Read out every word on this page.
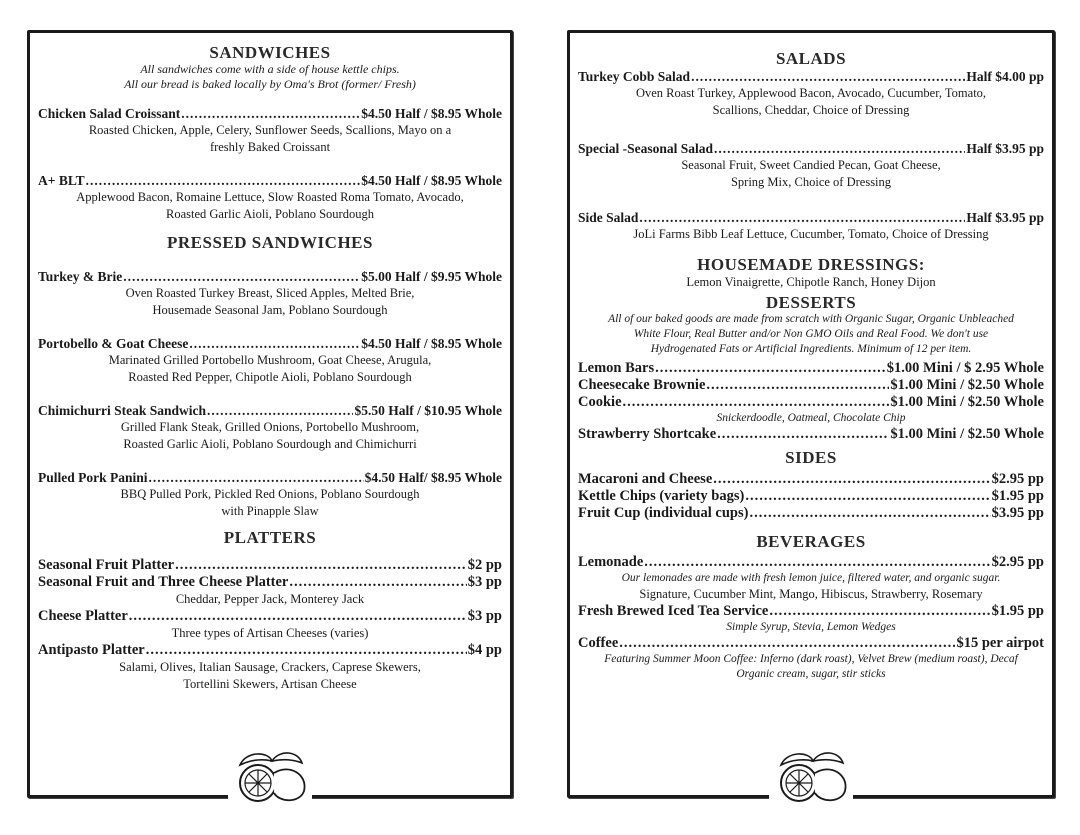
SANDWICHES

All sandwiches come with a side of house kettle chips.

All our bread is baked locally by Oma's Brot (former/ Fresh)

Chicken Salad Croissant .....	$4.50 Half / $8.95 Whole

Roasted Chicken, Apple, Celery, Sunflower Seeds, Scallions, Mayo on a

freshly Baked Croissant

A+ BLT .....	$4.50 Half / $8.95 Whole

Applewood Bacon, Romaine Lettuce, Slow Roasted Roma Tomato, Avocado,

Roasted Garlic Aioli, Poblano Sourdough

PRESSED SANDWICHES
Turkey & Brie .....	$5.00 Half / $9.95 Whole

Oven Roasted Turkey Breast, Sliced Apples, Melted Brie,

Housemade Seasonal Jam, Poblano Sourdough

Portobello & Goat Cheese .....	$4.50 Half / $8.95 Whole

Marinated Grilled Portobello Mushroom, Goat Cheese, Arugula,

Roasted Red Pepper, Chipotle Aioli, Poblano Sourdough

Chimichurri Steak Sandwich .....	$5.50 Half / $10.95 Whole

Grilled Flank Steak, Grilled Onions, Portobello Mushroom,

Roasted Garlic Aioli, Poblano Sourdough and Chimichurri

Pulled Pork Panini .....	$4.50 Half/ $8.95 Whole

BBQ Pulled Pork, Pickled Red Onions, Poblano Sourdough

with Pinapple Slaw

PLATTERS
Seasonal Fruit Platter .....	$2 pp
Seasonal Fruit and Three Cheese Platter .....	$3 pp

Cheddar, Pepper Jack, Monterey Jack

Cheese Platter .....	$3 pp

Three types of Artisan Cheeses (varies)

Antipasto Platter .....	$4 pp

Salami, Olives, Italian Sausage, Crackers, Caprese Skewers,

Tortellini Skewers, Artisan Cheese

SALADS
Turkey Cobb Salad .....	Half $4.00 pp

Oven Roast Turkey, Applewood Bacon, Avocado, Cucumber, Tomato,

Scallions, Cheddar, Choice of Dressing

Special -Seasonal Salad .....	Half $3.95 pp

Seasonal Fruit, Sweet Candied Pecan, Goat Cheese,

Spring Mix, Choice of Dressing

Side Salad .....	Half $3.95 pp

JoLi Farms Bibb Leaf Lettuce, Cucumber, Tomato, Choice of Dressing

HOUSEMADE DRESSINGS:

Lemon Vinaigrette, Chipotle Ranch, Honey Dijon

DESSERTS

All of our baked goods are made from scratch with Organic Sugar, Organic Unbleached

White Flour, Real Butter and/or Non GMO Oils and Real Food. We don't use

Hydrogenated Fats or Artificial Ingredients. Minimum of 12 per item.

Lemon Bars .....	$1.00 Mini / $ 2.95 Whole
Cheesecake Brownie .....	$1.00 Mini / $2.50 Whole
Cookie .....	$1.00 Mini / $2.50 Whole

Snickerdoodle, Oatmeal, Chocolate Chip

Strawberry Shortcake .....	$1.00 Mini / $2.50 Whole
SIDES
Macaroni and Cheese .....	$2.95 pp
Kettle Chips (variety bags) .....	$1.95 pp
Fruit Cup (individual cups) .....	$3.95 pp
BEVERAGES
Lemonade .....	$2.95 pp

Our lemonades are made with fresh lemon juice, filtered water, and organic sugar.

Signature, Cucumber Mint, Mango, Hibiscus, Strawberry, Rosemary

Fresh Brewed Iced Tea Service .....	$1.95 pp

Simple Syrup, Stevia, Lemon Wedges

Coffee .....	$15 per airpot

Featuring Summer Moon Coffee: Inferno (dark roast), Velvet Brew (medium roast), Decaf

Organic cream, sugar, stir sticks
